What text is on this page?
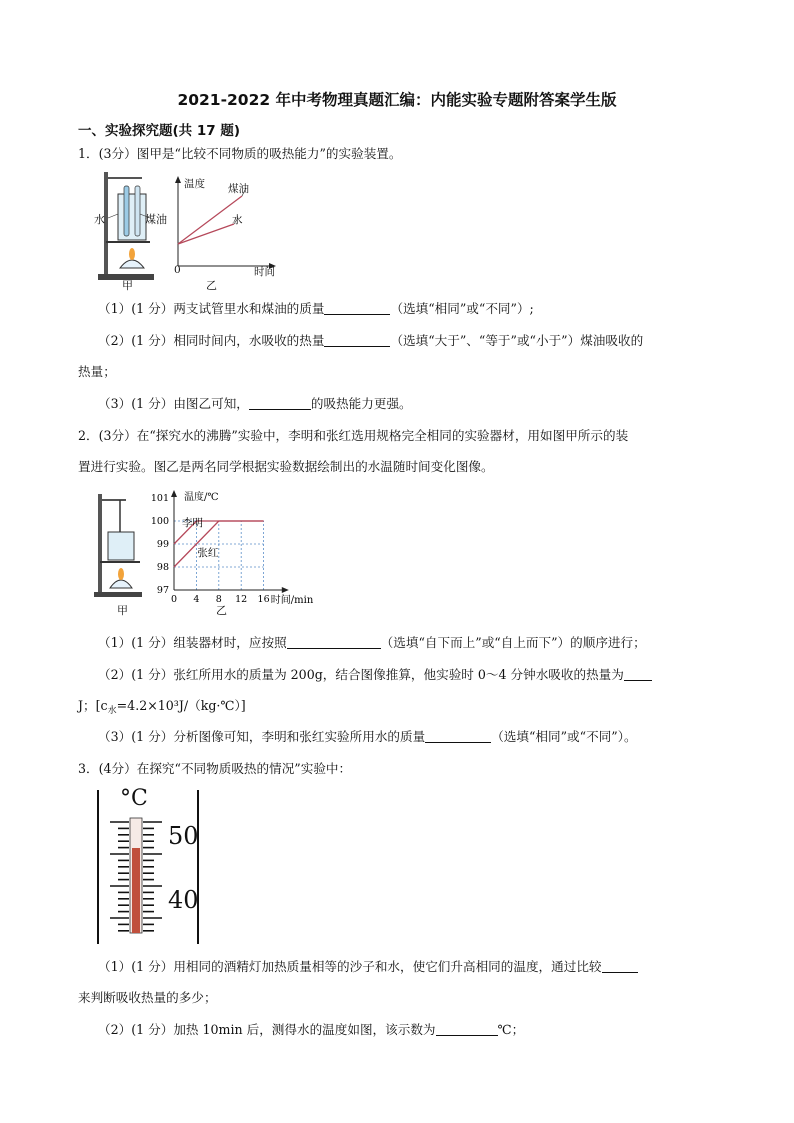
2021-2022 年中考物理真题汇编：内能实验专题附答案学生版
一、实验探究题(共 17 题)
1．(3分）图甲是“比较不同物质的吸热能力”的实验装置。
水	煤油
甲
温度 煤油
水
0	时间
乙
（1）(1 分）两支试管里水和煤油的质量	（选填“相同”或“不同”）;
（2）(1 分）相同时间内，水吸收的热量	（选填“大于”、“等于”或“小于”）煤油吸收的
热量；
（3）(1 分）由图乙可知，	的吸热能力更强。
2．(3分）在“探究水的沸腾”实验中，李明和张红选用规格完全相同的实验器材，用如图甲所示的装
置进行实验。图乙是两名同学根据实验数据绘制出的水温随时间变化图像。
甲
0 4 8 12 16
97
98
99
100
101 温度/℃
时间/min
李明
张红
乙
（1）(1 分）组装器材时，应按照	（选填“自下而上”或“自上而下”）的顺序进行；
（2）(1 分）张红所用水的质量为 200g，结合图像推算，他实验时 0～4 分钟水吸收的热量为
J；$[c_水=4.2\times 10^3J/(kg\cdot℃)]$
（3）(1 分）分析图像可知，李明和张红实验所用水的质量	（选填“相同”或“不同”）。
3．(4分）在探究“不同物质吸热的情况”实验中：
°C
50
40
（1）(1 分）用相同的酒精灯加热质量相等的沙子和水，使它们升高相同的温度，通过比较
来判断吸收热量的多少；
（2）(1 分）加热 10min 后，测得水的温度如图，该示数为	℃；
